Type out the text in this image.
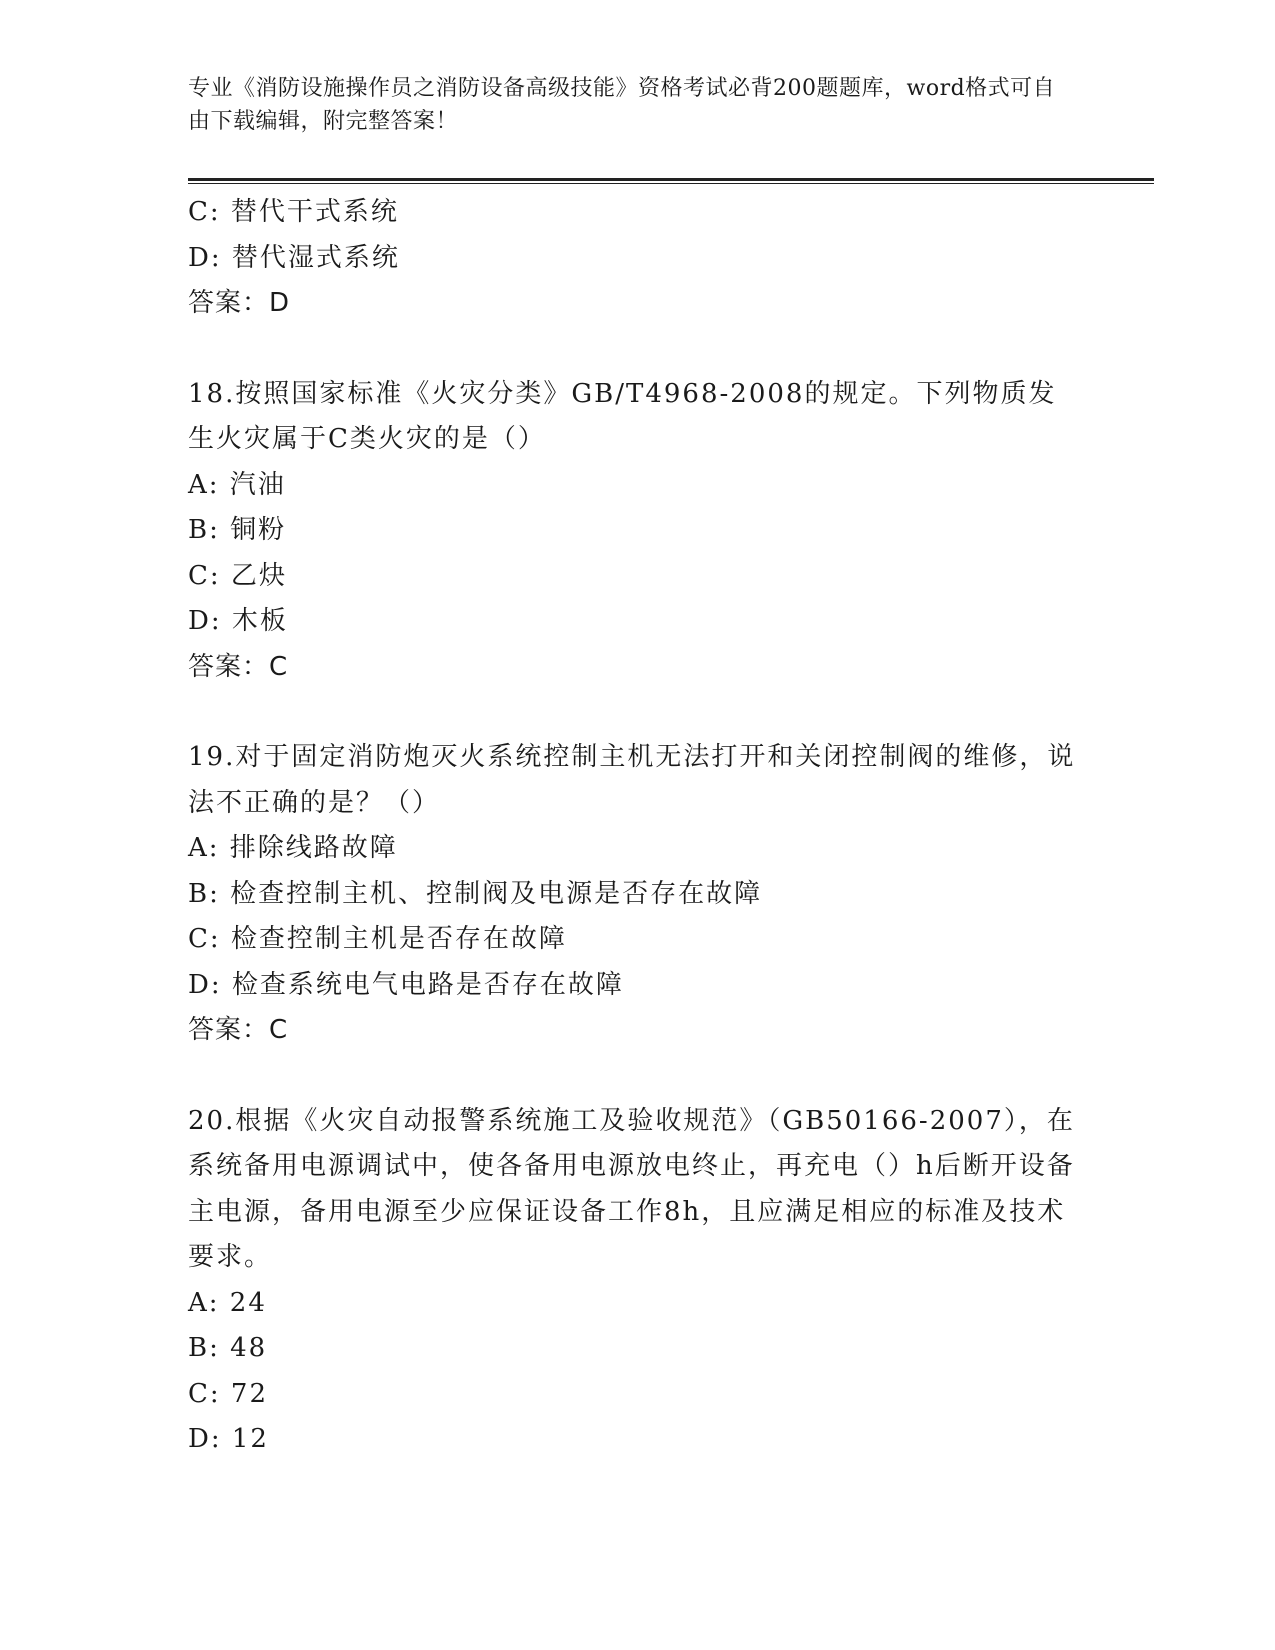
专业《消防设施操作员之消防设备高级技能》资格考试必背200题题库，word格式可自由下载编辑，附完整答案！
C: 替代干式系统
D: 替代湿式系统
答案：D
18.按照国家标准《火灾分类》GB/T4968-2008的规定。下列物质发生火灾属于C类火灾的是（）
A: 汽油
B: 铜粉
C: 乙炔
D: 木板
答案：C
19.对于固定消防炮灭火系统控制主机无法打开和关闭控制阀的维修，说法不正确的是？（）
A: 排除线路故障
B: 检查控制主机、控制阀及电源是否存在故障
C: 检查控制主机是否存在故障
D: 检查系统电气电路是否存在故障
答案：C
20.根据《火灾自动报警系统施工及验收规范》（GB50166-2007），在系统备用电源调试中，使各备用电源放电终止，再充电（）h后断开设备主电源，备用电源至少应保证设备工作8h，且应满足相应的标准及技术要求。
A: 24
B: 48
C: 72
D: 12
